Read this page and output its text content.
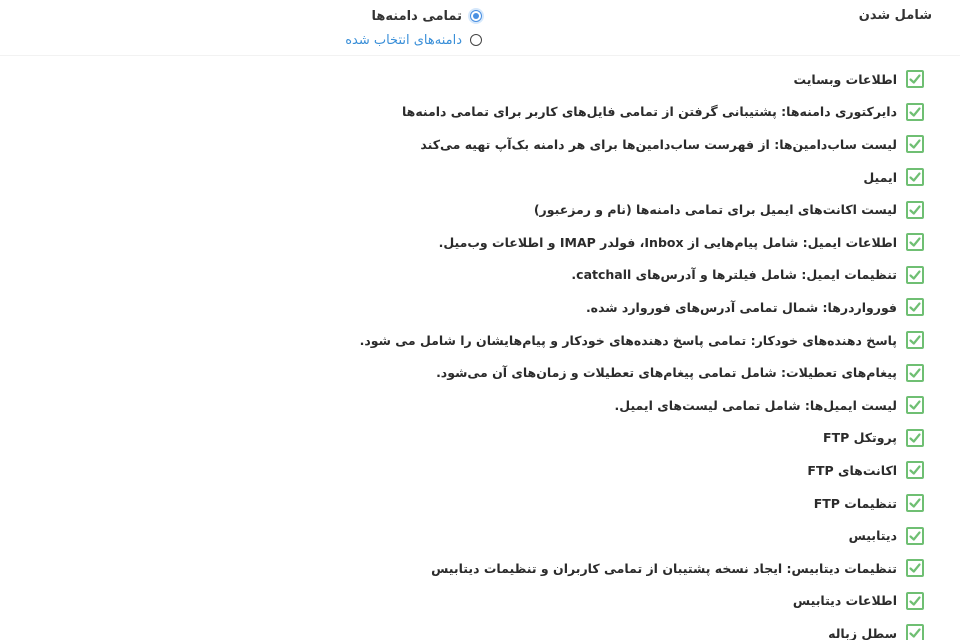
شامل شدن
تمامی دامنه‌ها
دامنه‌های انتخاب شده
اطلاعات وبسایت
دایرکتوری دامنه‌ها: پشتیبانی گرفتن از تمامی فایل‌های کاربر برای تمامی دامنه‌ها
لیست ساب‌دامین‌ها: از فهرست ساب‌دامین‌ها برای هر دامنه بک‌آپ تهیه می‌کند
ایمیل
لیست اکانت‌های ایمیل برای تمامی دامنه‌ها (نام و رمزعبور)
اطلاعات ایمیل: شامل پیام‌هایی از Inbox، فولدر IMAP و اطلاعات وب‌میل.
تنظیمات ایمیل: شامل فیلترها و آدرس‌های catchall.
فورواردرها: شمال تمامی آدرس‌های فوروارد شده.
پاسخ دهنده‌های خودکار: تمامی پاسخ دهنده‌های خودکار و پیام‌هایشان را شامل می شود.
پیغام‌های تعطیلات: شامل تمامی پیغام‌های تعطیلات و زمان‌های آن می‌شود.
لیست ایمیل‌ها: شامل تمامی لیست‌های ایمیل.
پروتکل FTP
اکانت‌های FTP
تنظیمات FTP
دیتابیس
تنظیمات دیتابیس: ایجاد نسخه پشتیبان از تمامی کاربران و تنظیمات دیتابیس
اطلاعات دیتابیس
سطل زباله
